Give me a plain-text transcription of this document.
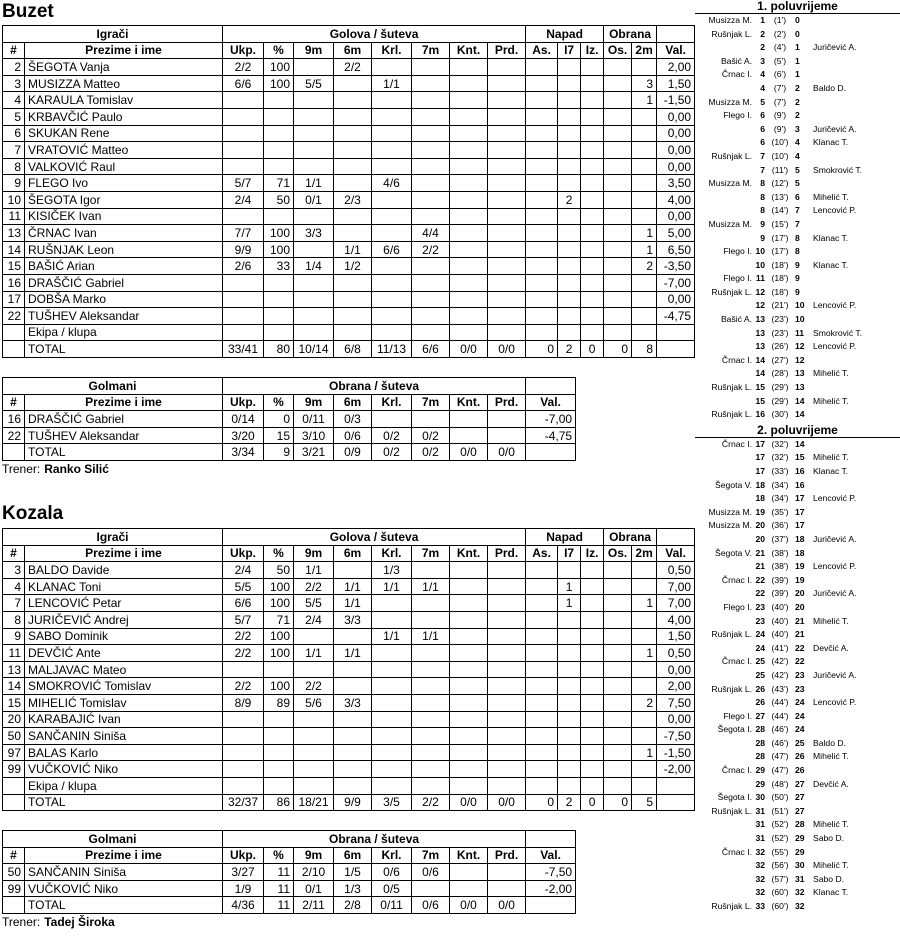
Buzet
Igrači		Golova / šuteva								Napad			Obrana		
#	Prezime i ime	Ukp.	%	9m	6m	Krl.	7m	Knt.	Prd.	As.	I7	Iz.	Os.	2m	Val.
2	ŠEGOTA Vanja	2/2	100		2/2										2,00
3	MUSIZZA Matteo	6/6	100	5/5		1/1								3	1,50
4	KARAULA Tomislav													1	-1,50
5	KRBAVČIĆ Paulo														0,00
6	SKUKAN Rene														0,00
7	VRATOVIĆ Matteo														0,00
8	VALKOVIĆ Raul														0,00
9	FLEGO Ivo	5/7	71	1/1		4/6									3,50
10	ŠEGOTA Igor	2/4	50	0/1	2/3						2				4,00
11	KISIČEK Ivan														0,00
13	ČRNAC Ivan	7/7	100	3/3			4/4							1	5,00
14	RUŠNJAK Leon	9/9	100		1/1	6/6	2/2							1	6,50
15	BAŠIĆ Arian	2/6	33	1/4	1/2									2	-3,50
16	DRAŠČIĆ Gabriel														-7,00
17	DOBŠA Marko														0,00
22	TUŠHEV Aleksandar														-4,75
	Ekipa / klupa														
	TOTAL	33/41	80	10/14	6/8	11/13	6/6	0/0	0/0	0	2	0	0	8	
Golmani		Obrana / šuteva								
#	Prezime i ime	Ukp.	%	9m	6m	Krl.	7m	Knt.	Prd.	Val.
16	DRAŠČIĆ Gabriel	0/14	0	0/11	0/3					-7,00
22	TUŠHEV Aleksandar	3/20	15	3/10	0/6	0/2	0/2			-4,75
	TOTAL	3/34	9	3/21	0/9	0/2	0/2	0/0	0/0	
Trener: Ranko Silić
Kozala
Igrači		Golova / šuteva								Napad			Obrana		
#	Prezime i ime	Ukp.	%	9m	6m	Krl.	7m	Knt.	Prd.	As.	I7	Iz.	Os.	2m	Val.
3	BALDO Davide	2/4	50	1/1		1/3									0,50
4	KLANAC Toni	5/5	100	2/2	1/1	1/1	1/1				1				7,00
7	LENCOVIĆ Petar	6/6	100	5/5	1/1						1			1	7,00
8	JURIČEVIĆ Andrej	5/7	71	2/4	3/3										4,00
9	SABO Dominik	2/2	100			1/1	1/1								1,50
11	DEVČIĆ Ante	2/2	100	1/1	1/1									1	0,50
13	MALJAVAC Mateo														0,00
14	SMOKROVIĆ Tomislav	2/2	100	2/2											2,00
15	MIHELIĆ Tomislav	8/9	89	5/6	3/3									2	7,50
20	KARABAJIĆ Ivan														0,00
50	SANČANIN Siniša														-7,50
97	BALAS Karlo													1	-1,50
99	VUČKOVIĆ Niko														-2,00
	Ekipa / klupa														
	TOTAL	32/37	86	18/21	9/9	3/5	2/2	0/0	0/0	0	2	0	0	5	
Golmani		Obrana / šuteva								
#	Prezime i ime	Ukp.	%	9m	6m	Krl.	7m	Knt.	Prd.	Val.
50	SANČANIN Siniša	3/27	11	2/10	1/5	0/6	0/6			-7,50
99	VUČKOVIĆ Niko	1/9	11	0/1	1/3	0/5				-2,00
	TOTAL	4/36	11	2/11	2/8	0/11	0/6	0/0	0/0	
Trener: Tadej Široka
1. poluvrijeme
Musizza M. 1	(1')	0
Rušnjak L. 2	(2')	0
2	(4')	1	Juričević A.
Bašić A. 3	(5')	1
Črnac I. 4	(6')	1
4	(7')	2	Baldo D.
Musizza M. 5	(7')	2
Flego I. 6	(9')	2
6	(9')	3	Juričević A.
6 (10') 4	Klanac T.
Rušnjak L. 7 (10') 4
7 (11') 5	Smokrović T.
Musizza M. 8 (12') 5
8 (13') 6	Mihelić T.
8 (14') 7	Lencović P.
Musizza M. 9 (15') 7
9 (17') 8	Klanac T.
Flego I. 10 (17') 8
10 (18') 9	Klanac T.
Flego I. 11 (18') 9
Rušnjak L. 12 (18') 9
12 (21') 10 Lencović P.
Bašić A. 13 (23') 10
13 (23') 11 Smokrović T.
13 (26') 12 Lencović P.
Črnac I. 14 (27') 12
14 (28') 13 Mihelić T.
Rušnjak L. 15 (29') 13
15 (29') 14 Mihelić T.
Rušnjak L. 16 (30') 14
2. poluvrijeme
Črnac I. 17 (32') 14
17 (32') 15 Mihelić T.
17 (33') 16 Klanac T.
Šegota V. 18 (34') 16
18 (34') 17 Lencović P.
Musizza M. 19 (35') 17
Musizza M. 20 (36') 17
20 (37') 18 Juričević A.
Šegota V. 21 (38') 18
21 (38') 19 Lencović P.
Črnac I. 22 (39') 19
22 (39') 20 Juričević A.
Flego I. 23 (40') 20
23 (40') 21 Mihelić T.
Rušnjak L. 24 (40') 21
24 (41') 22 Devčić A.
Črnac I. 25 (42') 22
25 (42') 23 Juričević A.
Rušnjak L. 26 (43') 23
26 (44') 24 Lencović P.
Flego I. 27 (44') 24
Šegota I. 28 (46') 24
28 (46') 25 Baldo D.
28 (47') 26 Mihelić T.
Črnac I. 29 (47') 26
29 (48') 27 Devčić A.
Šegota I. 30 (50') 27
Rušnjak L. 31 (51') 27
31 (52') 28 Mihelić T.
31 (52') 29 Sabo D.
Črnac I. 32 (55') 29
32 (56') 30 Mihelić T.
32 (57') 31 Sabo D.
32 (60') 32 Klanac T.
Rušnjak L. 33 (60') 32
